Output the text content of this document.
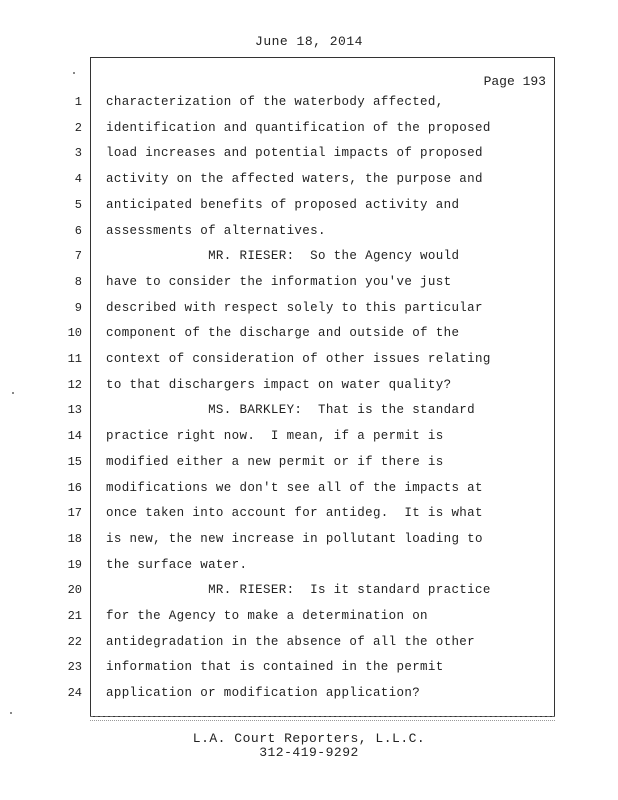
June 18, 2014
Page 193
1 characterization of the waterbody affected,
2 identification and quantification of the proposed
3 load increases and potential impacts of proposed
4 activity on the affected waters, the purpose and
5 anticipated benefits of proposed activity and
6 assessments of alternatives.
7 MR. RIESER:  So the Agency would
8 have to consider the information you've just
9 described with respect solely to this particular
10 component of the discharge and outside of the
11 context of consideration of other issues relating
12 to that dischargers impact on water quality?
13 MS. BARKLEY:  That is the standard
14 practice right now.  I mean, if a permit is
15 modified either a new permit or if there is
16 modifications we don't see all of the impacts at
17 once taken into account for antideg.  It is what
18 is new, the new increase in pollutant loading to
19 the surface water.
20 MR. RIESER:  Is it standard practice
21 for the Agency to make a determination on
22 antidegradation in the absence of all the other
23 information that is contained in the permit
24 application or modification application?
L.A. Court Reporters, L.L.C.
312-419-9292
